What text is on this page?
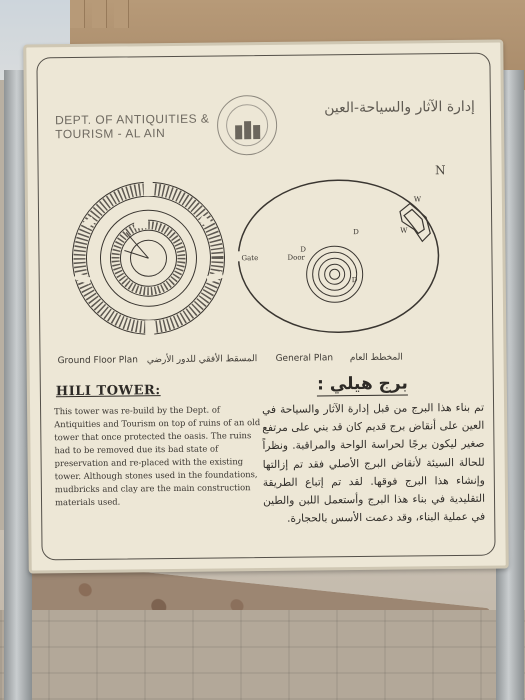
DEPT. OF ANTIQUITIES &
TOURISM - AL AIN
إدارة الآثار والسياحة-العين
N
Gate	Door
D
D
D
W
W
Ground Floor Plan المسقط الأفقي للدور الأرضي General Plan المخطط العام
HILI TOWER:	برج هيلي :
This tower was re-build by the Dept. of Antiquities and Tourism on top of ruins of an old tower that once protected the oasis. The ruins had to be removed due its bad state of preservation and re-placed with the existing tower. Although stones used in the foundations, mudbricks and clay are the main construction materials used.
تم بناء هذا البرج من قبل إدارة الآثار والسياحة في العين على أنقاض برج قديم كان قد بني على مرتفع صغير ليكون برجًا لحراسة الواحة والمراقبة. ونظراً للحالة السيئة لأنقاض البرج الأصلي فقد تم إزالتها وإنشاء هذا البرج فوقها. لقد تم إتباع الطريقة التقليدية في بناء هذا البرج وأستعمل اللبن والطين في عملية البناء، وقد دعمت الأسس بالحجارة.
